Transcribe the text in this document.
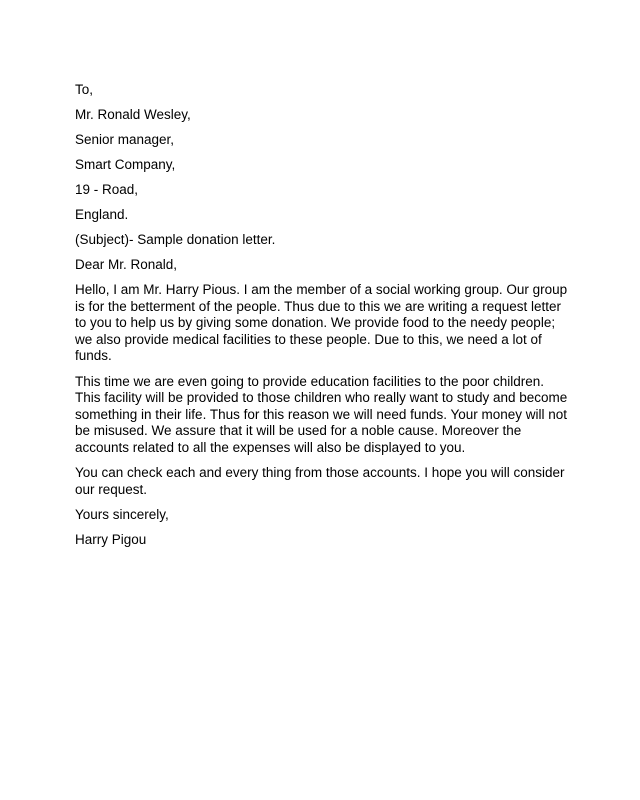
To,

Mr. Ronald Wesley,

Senior manager,

Smart Company,

19 - Road,

England.

(Subject)- Sample donation letter.

Dear Mr. Ronald,

Hello, I am Mr. Harry Pious. I am the member of a social working group. Our group is for the betterment of the people. Thus due to this we are writing a request letter to you to help us by giving some donation. We provide food to the needy people; we also provide medical facilities to these people. Due to this, we need a lot of funds.

This time we are even going to provide education facilities to the poor children. This facility will be provided to those children who really want to study and become something in their life. Thus for this reason we will need funds. Your money will not be misused. We assure that it will be used for a noble cause. Moreover the accounts related to all the expenses will also be displayed to you.

You can check each and every thing from those accounts. I hope you will consider our request.

Yours sincerely,

Harry Pigou
